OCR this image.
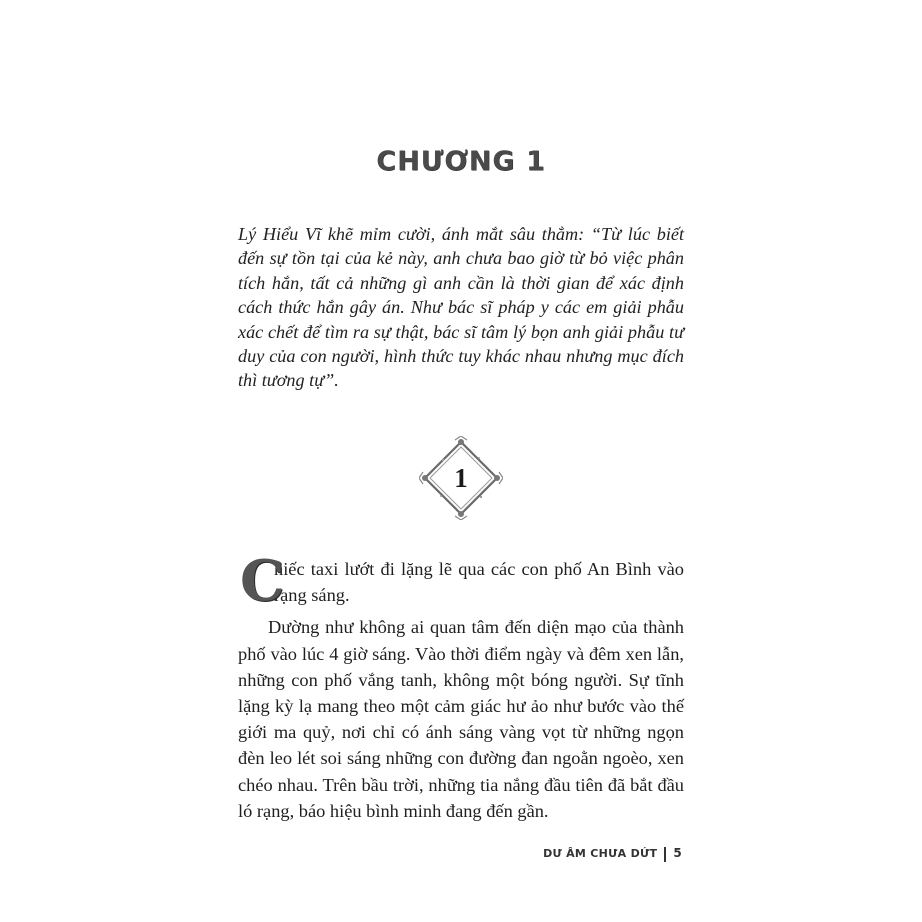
CHƯƠNG 1

Lý Hiểu Vĩ khẽ mỉm cười, ánh mắt sâu thẳm: “Từ lúc biết đến sự tồn tại của kẻ này, anh chưa bao giờ từ bỏ việc phân tích hắn, tất cả những gì anh cần là thời gian để xác định cách thức hắn gây án. Như bác sĩ pháp y các em giải phẫu xác chết để tìm ra sự thật, bác sĩ tâm lý bọn anh giải phẫu tư duy của con người, hình thức tuy khác nhau nhưng mục đích thì tương tự”.

1

C
hiếc taxi lướt đi lặng lẽ qua các con phố An Bình vào rạng sáng.

Dường như không ai quan tâm đến diện mạo của thành phố vào lúc 4 giờ sáng. Vào thời điểm ngày và đêm xen lẫn, những con phố vắng tanh, không một bóng người. Sự tĩnh lặng kỳ lạ mang theo một cảm giác hư ảo như bước vào thế giới ma quỷ, nơi chỉ có ánh sáng vàng vọt từ những ngọn đèn leo lét soi sáng những con đường đan ngoằn ngoèo, xen chéo nhau. Trên bầu trời, những tia nắng đầu tiên đã bắt đầu ló rạng, báo hiệu bình minh đang đến gần.

DƯ ÂM CHƯA DỨT 5
